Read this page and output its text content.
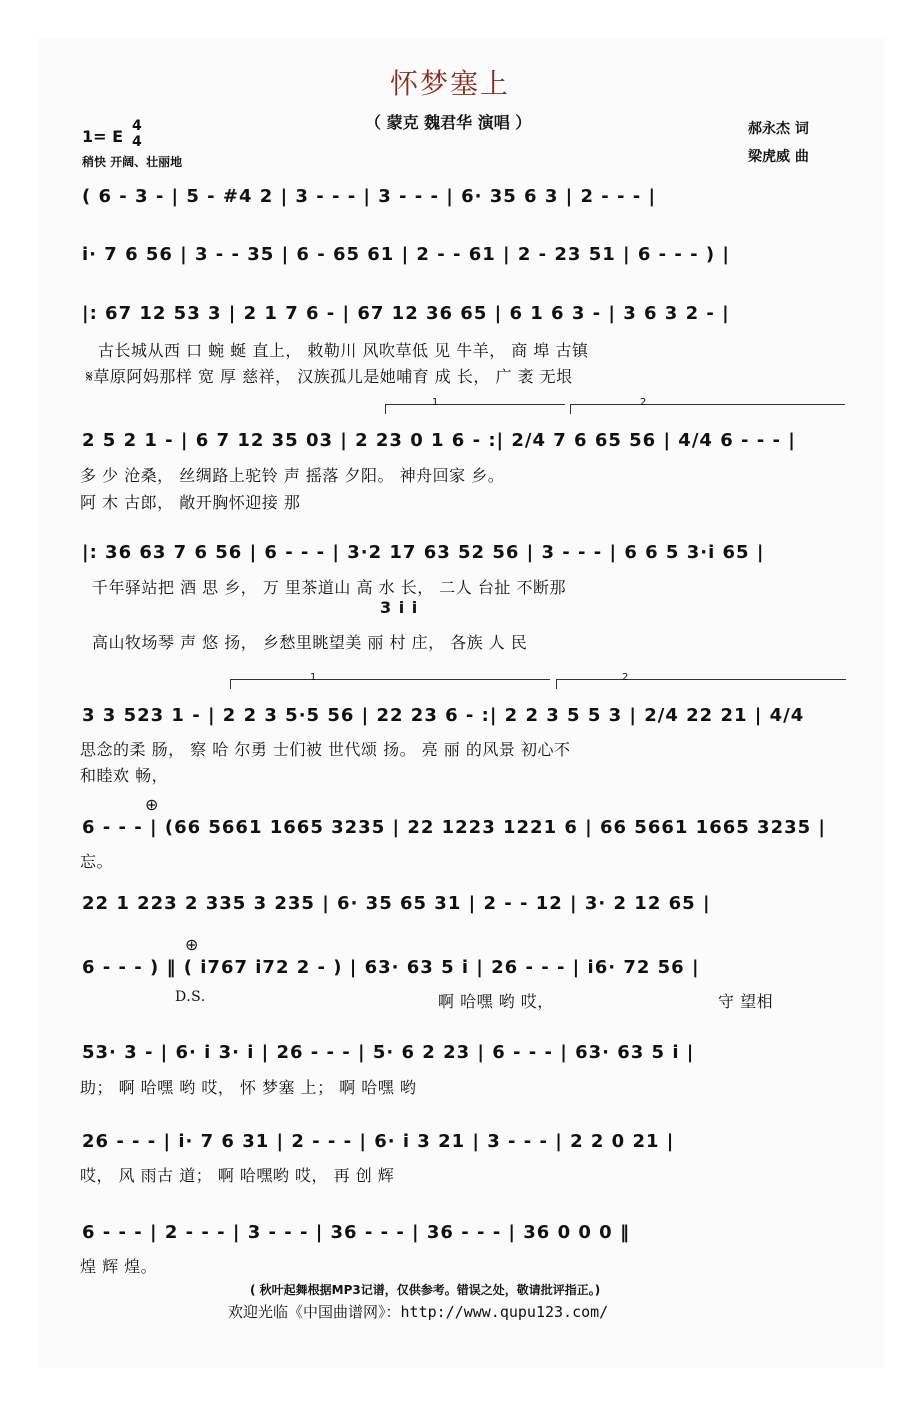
怀梦塞上
（ 蒙克 魏君华 演唱 ）
1= E
4
4
稍快 开阔、壮丽地
郝永杰 词
梁虎威 曲
( 6 - 3 - | 5 - #4 2 | 3 - - - | 3 - - - | 6· 35 6 3 | 2 - - - |
i· 7 6 56 | 3 - - 35 | 6 - 65 61 | 2 - - 61 | 2 - 23 51 | 6 - - - ) |
|: 67 12 53 3 | 2 1 7 6 - | 67 12 36 65 | 6 1 6 3 - | 3 6 3 2 - |
古长城从西 口 蜿 蜒 直上， 敕勒川 风吹草低 见 牛羊， 商 埠 古镇
𝄋草原阿妈那样 宽 厚 慈祥， 汉族孤儿是她哺育 成 长， 广 袤 无垠
1	2
2 5 2 1 - | 6 7 12 35 03 | 2 23 0 1 6 - :| 2/4 7 6 65 56 | 4/4 6 - - - |
多 少 沧桑， 丝绸路上驼铃 声 摇落 夕阳。 神舟回家 乡。
阿 木 古郎， 敞开胸怀迎接 那
|: 36 63 7 6 56 | 6 - - - | 3·2 17 63 52 56 | 3 - - - | 6 6 5 3·i 65 |
千年驿站把 酒 思 乡， 万 里茶道山 高 水 长， 二人 台扯 不断那
3 i i
高山牧场琴 声 悠 扬， 乡愁里眺望美 丽 村 庄， 各族 人 民
1	2
3 3 523 1 - | 2 2 3 5·5 56 | 22 23 6 - :| 2 2 3 5 5 3 | 2/4 22 21 | 4/4
思念的柔 肠， 察 哈 尔勇 士们被 世代颂 扬。 亮 丽 的风景 初心不
和睦欢 畅，
⊕
6 - - - | (66 5661 1665 3235 | 22 1223 1221 6 | 66 5661 1665 3235 |
忘。
22 1 223 2 335 3 235 | 6· 35 65 31 | 2 - - 12 | 3· 2 12 65 |
⊕
6 - - - ) ‖ ( i767 i72 2 - ) | 63· 63 5 i | 26 - - - | i6· 72 56 |
D.S.	啊 哈嘿 哟 哎，	守 望相
53· 3 - | 6· i 3· i | 26 - - - | 5· 6 2 23 | 6 - - - | 63· 63 5 i |
助； 啊 哈嘿 哟 哎， 怀 梦塞 上； 啊 哈嘿 哟
26 - - - | i· 7 6 31 | 2 - - - | 6· i 3 21 | 3 - - - | 2 2 0 21 |
哎， 风 雨古 道； 啊 哈嘿哟 哎， 再 创 辉
6 - - - | 2 - - - | 3 - - - | 36 - - - | 36 - - - | 36 0 0 0 ‖
煌 辉 煌。
( 秋叶起舞根据MP3记谱，仅供参考。错误之处，敬请批评指正。)
欢迎光临《中国曲谱网》：http://www.qupu123.com/
